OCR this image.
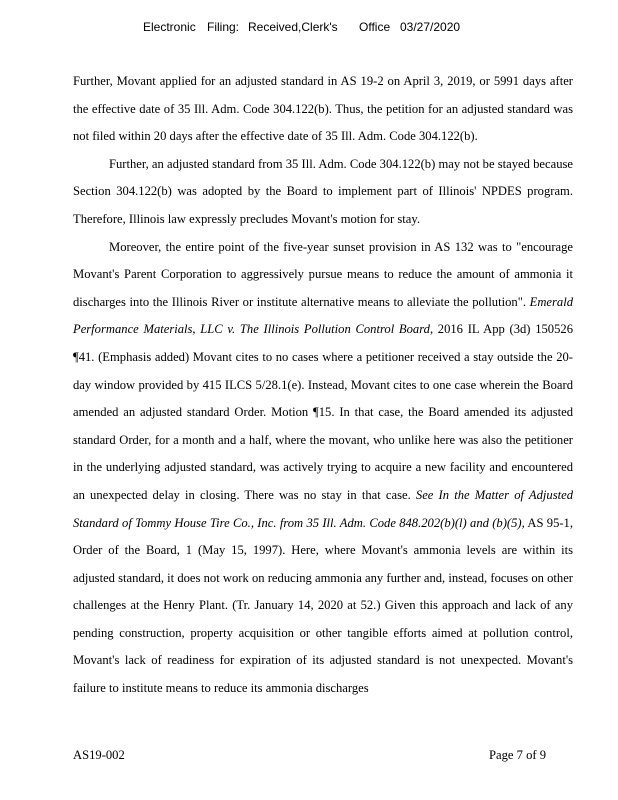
Electronic Filing: Received,Clerk's Office 03/27/2020

Further, Movant applied for an adjusted standard in AS 19-2 on April 3, 2019, or 5991 days after the effective date of 35 Ill. Adm. Code 304.122(b). Thus, the petition for an adjusted standard was not filed within 20 days after the effective date of 35 Ill. Adm. Code 304.122(b).

Further, an adjusted standard from 35 Ill. Adm. Code 304.122(b) may not be stayed because Section 304.122(b) was adopted by the Board to implement part of Illinois' NPDES program. Therefore, Illinois law expressly precludes Movant's motion for stay.

Moreover, the entire point of the five-year sunset provision in AS 132 was to "encourage Movant's Parent Corporation to aggressively pursue means to reduce the amount of ammonia it discharges into the Illinois River or institute alternative means to alleviate the pollution". Emerald Performance Materials, LLC v. The Illinois Pollution Control Board, 2016 IL App (3d) 150526 ¶41. (Emphasis added) Movant cites to no cases where a petitioner received a stay outside the 20-day window provided by 415 ILCS 5/28.1(e). Instead, Movant cites to one case wherein the Board amended an adjusted standard Order. Motion ¶15. In that case, the Board amended its adjusted standard Order, for a month and a half, where the movant, who unlike here was also the petitioner in the underlying adjusted standard, was actively trying to acquire a new facility and encountered an unexpected delay in closing. There was no stay in that case. See In the Matter of Adjusted Standard of Tommy House Tire Co., Inc. from 35 Ill. Adm. Code 848.202(b)(l) and (b)(5), AS 95-1, Order of the Board, 1 (May 15, 1997). Here, where Movant's ammonia levels are within its adjusted standard, it does not work on reducing ammonia any further and, instead, focuses on other challenges at the Henry Plant. (Tr. January 14, 2020 at 52.) Given this approach and lack of any pending construction, property acquisition or other tangible efforts aimed at pollution control, Movant's lack of readiness for expiration of its adjusted standard is not unexpected. Movant's failure to institute means to reduce its ammonia discharges

AS19-002	Page 7 of 9
